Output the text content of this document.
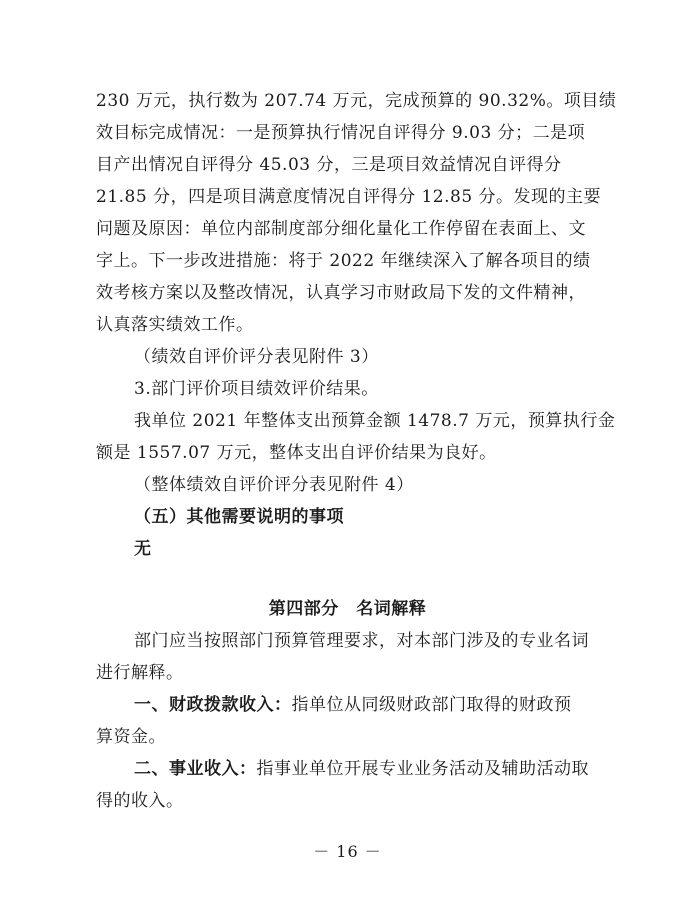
230 万元，执行数为 207.74 万元，完成预算的 90.32%。项目绩
效目标完成情况：一是预算执行情况自评得分 9.03 分；二是项
目产出情况自评得分 45.03 分，三是项目效益情况自评得分
21.85 分，四是项目满意度情况自评得分 12.85 分。发现的主要
问题及原因：单位内部制度部分细化量化工作停留在表面上、文
字上。下一步改进措施：将于 2022 年继续深入了解各项目的绩
效考核方案以及整改情况，认真学习市财政局下发的文件精神，
认真落实绩效工作。
（绩效自评价评分表见附件 3）
3.部门评价项目绩效评价结果。
我单位 2021 年整体支出预算金额 1478.7 万元，预算执行金
额是 1557.07 万元，整体支出自评价结果为良好。
（整体绩效自评价评分表见附件 4）
（五）其他需要说明的事项
无
第四部分　名词解释
部门应当按照部门预算管理要求，对本部门涉及的专业名词
进行解释。
一、财政拨款收入：指单位从同级财政部门取得的财政预
算资金。
二、事业收入：指事业单位开展专业业务活动及辅助活动取
得的收入。
－ 16 －
